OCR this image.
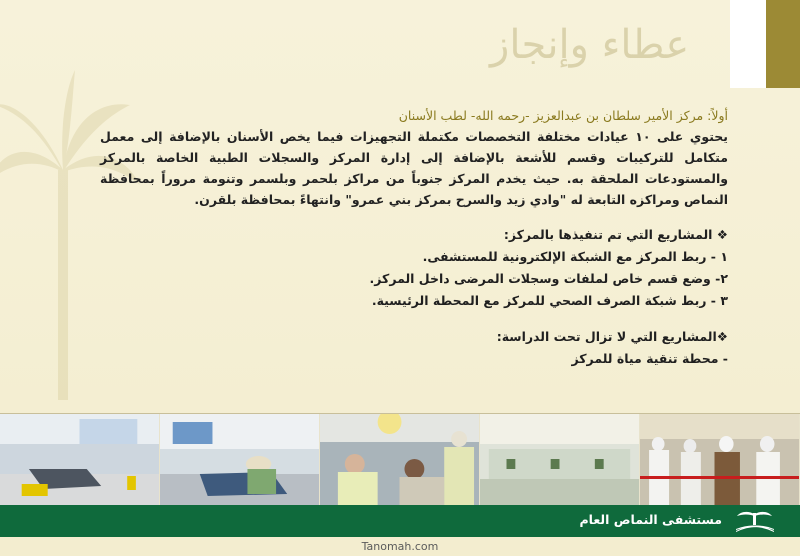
عطاء وإنجاز
أولاً: مركز الأمير سلطان بن عبدالعزيز -رحمه الله- لطب الأسنان
يحتوي على ١٠ عيادات مختلفة التخصصات مكتملة التجهيزات فيما يخص الأسنان بالإضافة إلى معمل متكامل للتركيبات وقسم للأشعة بالإضافة إلى إدارة المركز والسجلات الطبية الخاصة بالمركز والمستودعات الملحقة به. حيث يخدم المركز جنوباً من مراكز بلحمر وبلسمر وتنومة مروراً بمحافظة النماص ومراكزه التابعة له "وادي زيد والسرح بمركز بني عمرو" وانتهاءً بمحافظة بلقرن.
❖ المشاريع التي تم تنفيذها بالمركز:
١ - ربط المركز مع الشبكة الإلكترونية للمستشفى.
٢- وضع قسم خاص لملفات وسجلات المرضى داخل المركز.
٣ - ربط شبكة الصرف الصحي للمركز مع المحطة الرئيسية.
❖المشاريع التي لا تزال تحت الدراسة:
- محطة تنقية مياة للمركز
مستشفى النماص العام
Tanomah.com
